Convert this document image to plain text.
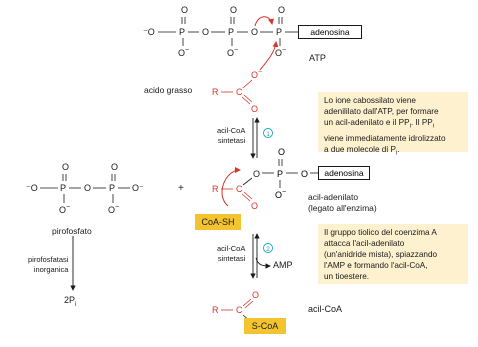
O	O	O
⁻O	P O P O P
O −	O −	O −
ATP
R C
O −
O
1
R C
O P O
O
O −
O
O	O
⁻O P O P O⁻
O −	O −
+
2
R C
O
adenosina
adenosina
CoA-SH
S-CoA
acido grasso
acil-CoA
sintetasi
acil-CoA
sintetasi
acil-adenilato
(legato all'enzima)
AMP
acil-CoA
pirofosfato
pirofosfatasi
inorganica
$2P_i$
Lo ione cabossilato viene
adenililato dall'ATP, per formare
un acil-adenilato e il $PP_i$. Il $PP_i$
viene immediatamente idrolizzato
a due molecole di $P_i$.
Il gruppo tiolico del coenzima A
attacca l'acil-adenilato
(un'anidride mista), spiazzando
l'AMP e formando l'acil-CoA,
un tioestere.
